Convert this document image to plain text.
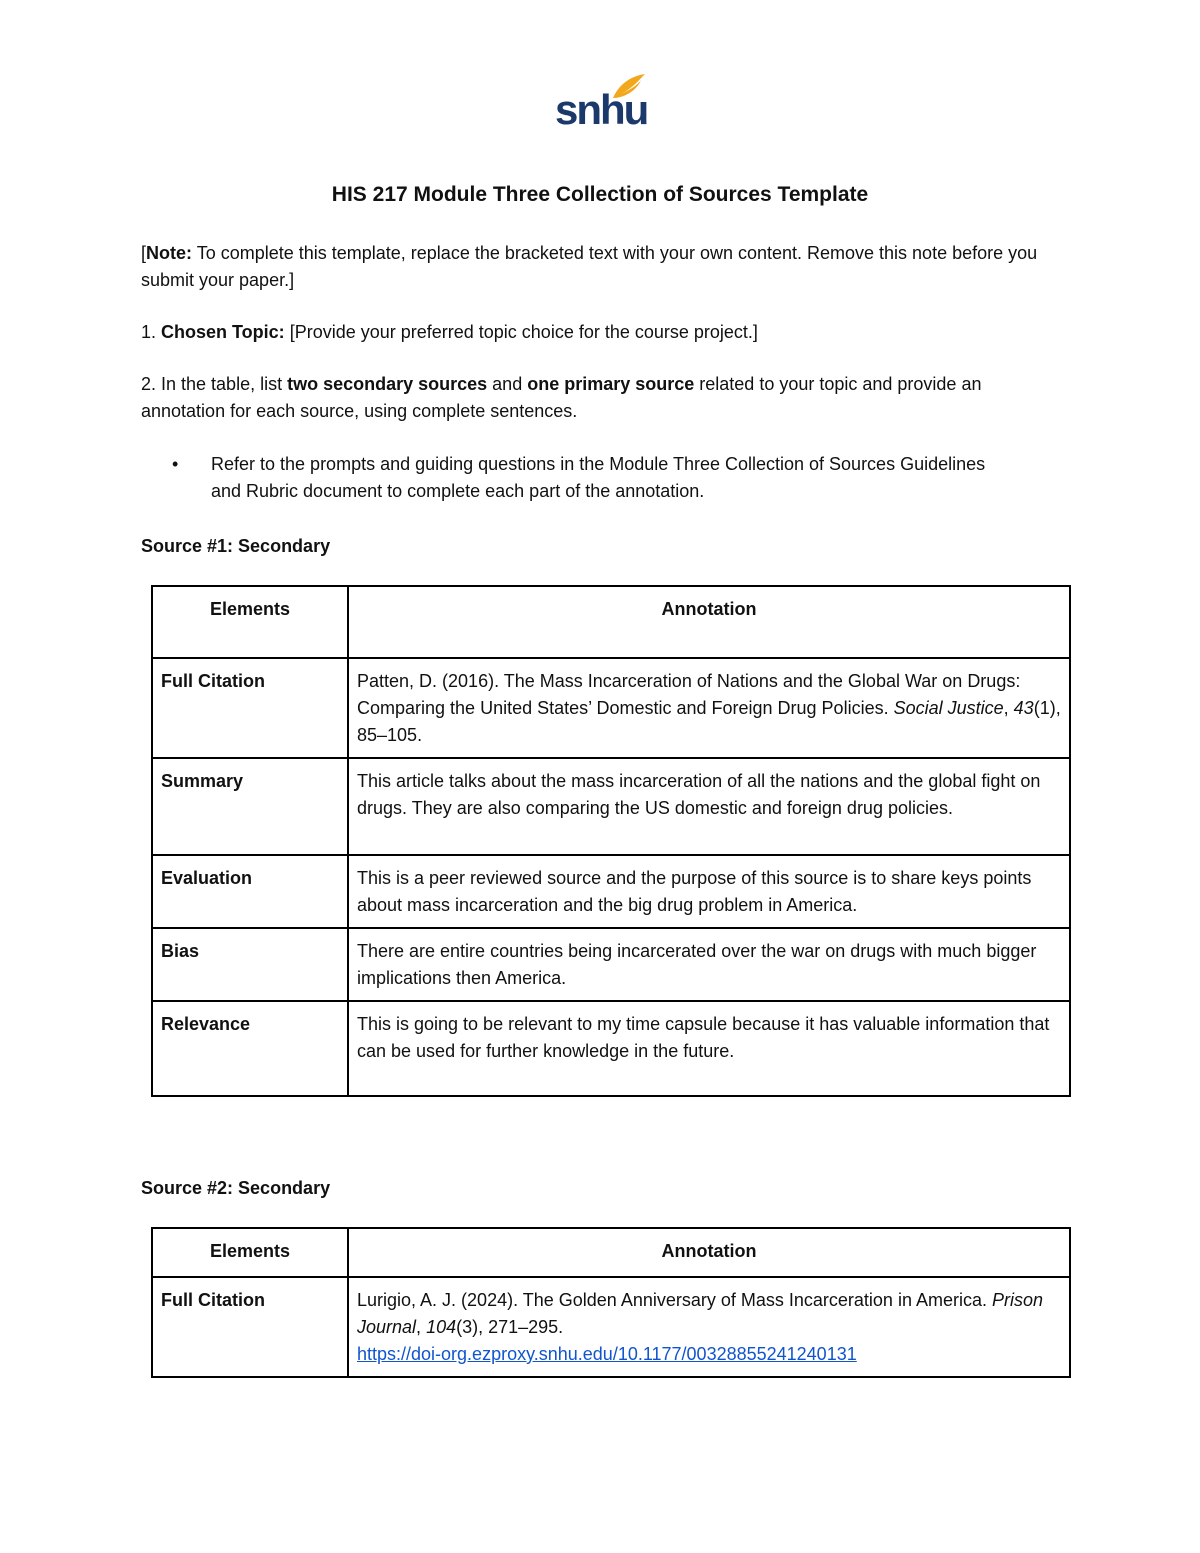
snhu
HIS 217 Module Three Collection of Sources Template
[Note: To complete this template, replace the bracketed text with your own content. Remove this note before you submit your paper.]
1. Chosen Topic: [Provide your preferred topic choice for the course project.]
2. In the table, list two secondary sources and one primary source related to your topic and provide an annotation for each source, using complete sentences.
• Refer to the prompts and guiding questions in the Module Three Collection of Sources Guidelines and Rubric document to complete each part of the annotation.
Source #1: Secondary
Elements	Annotation
Full Citation	Patten, D. (2016). The Mass Incarceration of Nations and the Global War on Drugs: Comparing the United States’ Domestic and Foreign Drug Policies. Social Justice, 43(1), 85–105.
Summary	This article talks about the mass incarceration of all the nations and the global fight on drugs. They are also comparing the US domestic and foreign drug policies.
Evaluation	This is a peer reviewed source and the purpose of this source is to share keys points about mass incarceration and the big drug problem in America.
Bias	There are entire countries being incarcerated over the war on drugs with much bigger implications then America.
Relevance	This is going to be relevant to my time capsule because it has valuable information that can be used for further knowledge in the future.
Source #2: Secondary
Elements	Annotation
Full Citation	Lurigio, A. J. (2024). The Golden Anniversary of Mass Incarceration in America. Prison Journal, 104(3), 271–295.
https://doi-org.ezproxy.snhu.edu/10.1177/00328855241240131
